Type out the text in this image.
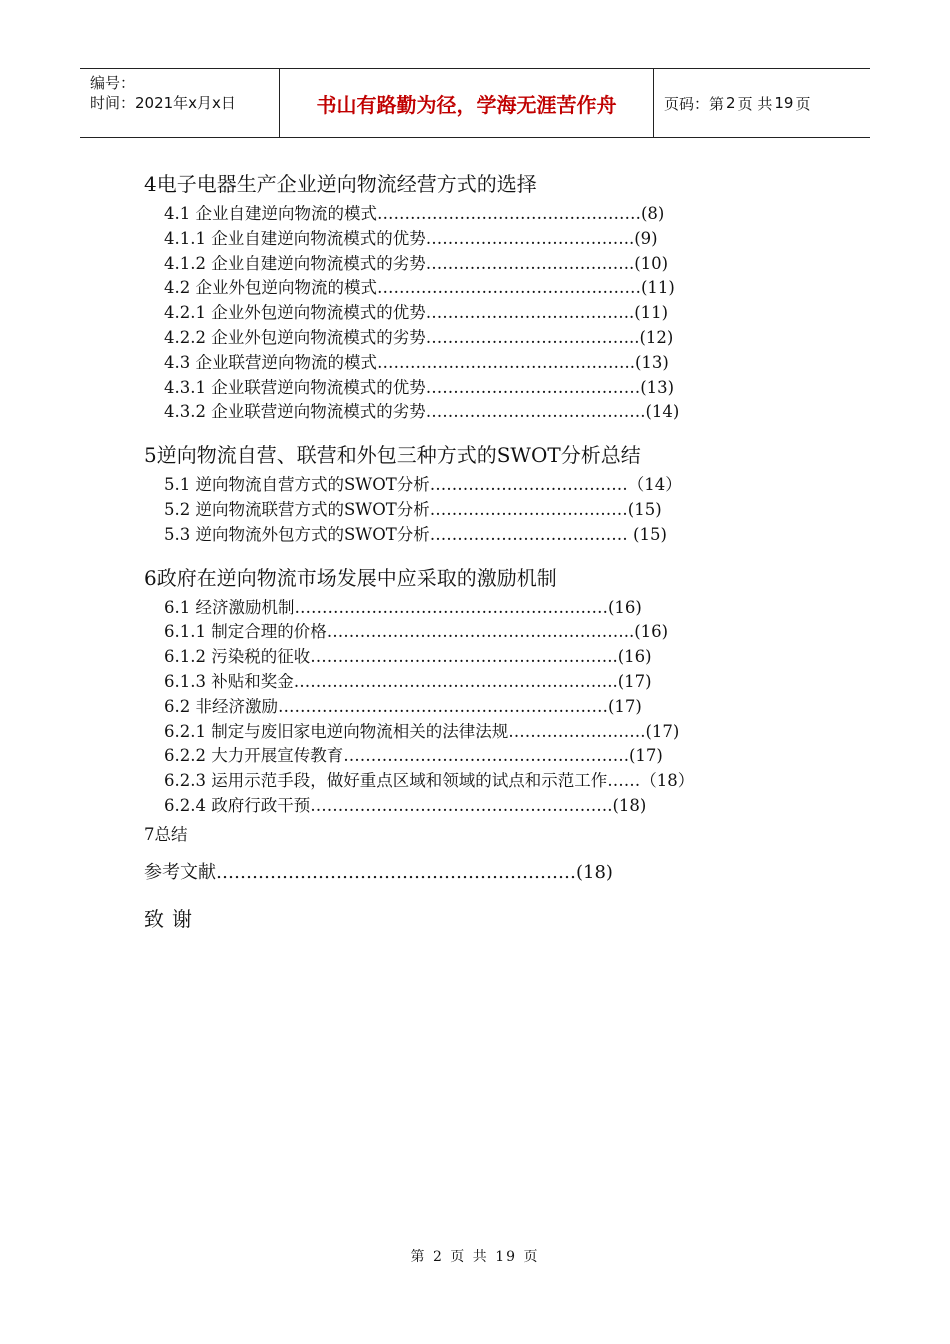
编号：
时间：2021年x月x日	书山有路勤为径，学海无涯苦作舟	页码：第 2 页 共 19 页
4电子电器生产企业逆向物流经营方式的选择
4.1 企业自建逆向物流的模式…………………………………………(8)
4.1.1 企业自建逆向物流模式的优势………………………………..(9)
4.1.2 企业自建逆向物流模式的劣势………………………………..(10)
4.2 企业外包逆向物流的模式…………………………………………(11)
4.2.1 企业外包逆向物流模式的优势………………………………..(11)
4.2.2 企业外包逆向物流模式的劣势………………………………...(12)
4.3 企业联营逆向物流的模式………………………………………..(13)
4.3.1 企业联营逆向物流模式的优势…………………………………(13)
4.3.2 企业联营逆向物流模式的劣势………………………………….(14)
5逆向物流自营、联营和外包三种方式的SWOT分析总结
5.1 逆向物流自营方式的SWOT分析………………………………（14）
5.2 逆向物流联营方式的SWOT分析………………………………(15)
5.3 逆向物流外包方式的SWOT分析……………………………… (15)
6政府在逆向物流市场发展中应采取的激励机制
6.1 经济激励机制…………………………………………………(16)
6.1.1 制定合理的价格………………………………………………..(16)
6.1.2 污染税的征收………………………………………………..(16)
6.1.3 补贴和奖金…………………………………………………..(17)
6.2 非经济激励……………………………………………………(17)
6.2.1 制定与废旧家电逆向物流相关的法律法规…………………….(17)
6.2.2 大力开展宣传教育…………………………………………….(17)
6.2.3 运用示范手段，做好重点区域和领域的试点和示范工作……（18）
6.2.4 政府行政干预……………………………………………….(18)
7总结
参考文献……………………………………………………(18)
致谢
第 2 页 共 19 页
